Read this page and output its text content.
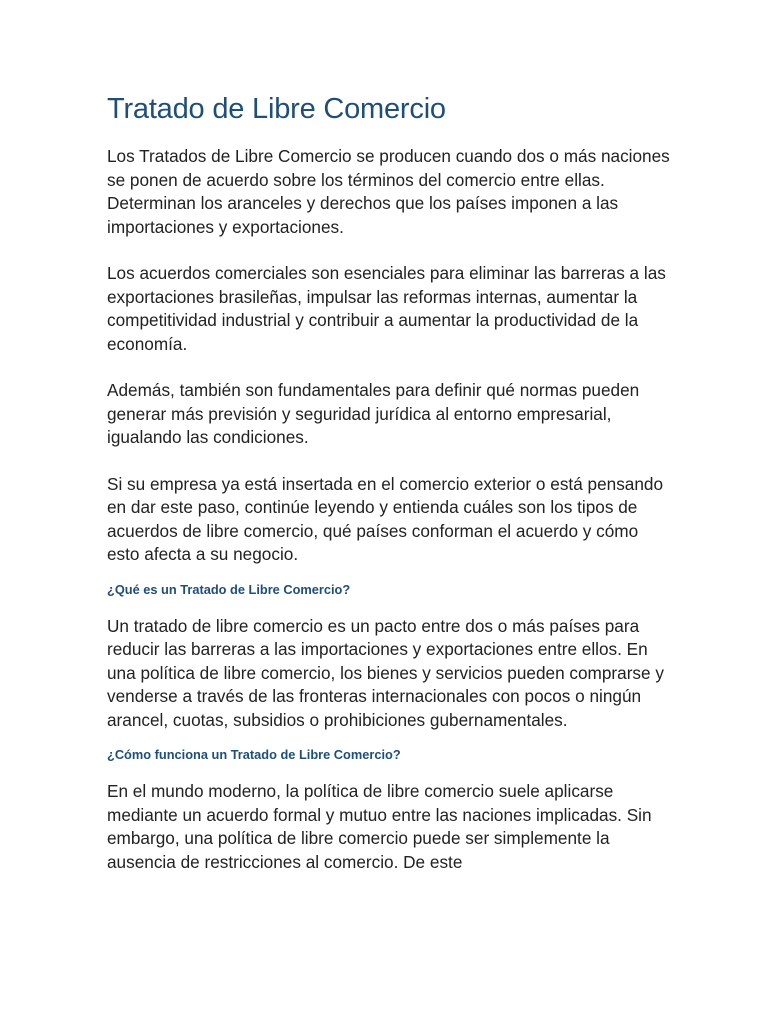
Tratado de Libre Comercio

Los Tratados de Libre Comercio se producen cuando dos o más naciones se ponen de acuerdo sobre los términos del comercio entre ellas. Determinan los aranceles y derechos que los países imponen a las importaciones y exportaciones.

Los acuerdos comerciales son esenciales para eliminar las barreras a las exportaciones brasileñas, impulsar las reformas internas, aumentar la competitividad industrial y contribuir a aumentar la productividad de la economía.

Además, también son fundamentales para definir qué normas pueden generar más previsión y seguridad jurídica al entorno empresarial, igualando las condiciones.

Si su empresa ya está insertada en el comercio exterior o está pensando en dar este paso, continúe leyendo y entienda cuáles son los tipos de acuerdos de libre comercio, qué países conforman el acuerdo y cómo esto afecta a su negocio.

¿Qué es un Tratado de Libre Comercio?

Un tratado de libre comercio es un pacto entre dos o más países para reducir las barreras a las importaciones y exportaciones entre ellos. En una política de libre comercio, los bienes y servicios pueden comprarse y venderse a través de las fronteras internacionales con pocos o ningún arancel, cuotas, subsidios o prohibiciones gubernamentales.

¿Cómo funciona un Tratado de Libre Comercio?

En el mundo moderno, la política de libre comercio suele aplicarse mediante un acuerdo formal y mutuo entre las naciones implicadas. Sin embargo, una política de libre comercio puede ser simplemente la ausencia de restricciones al comercio. De este
